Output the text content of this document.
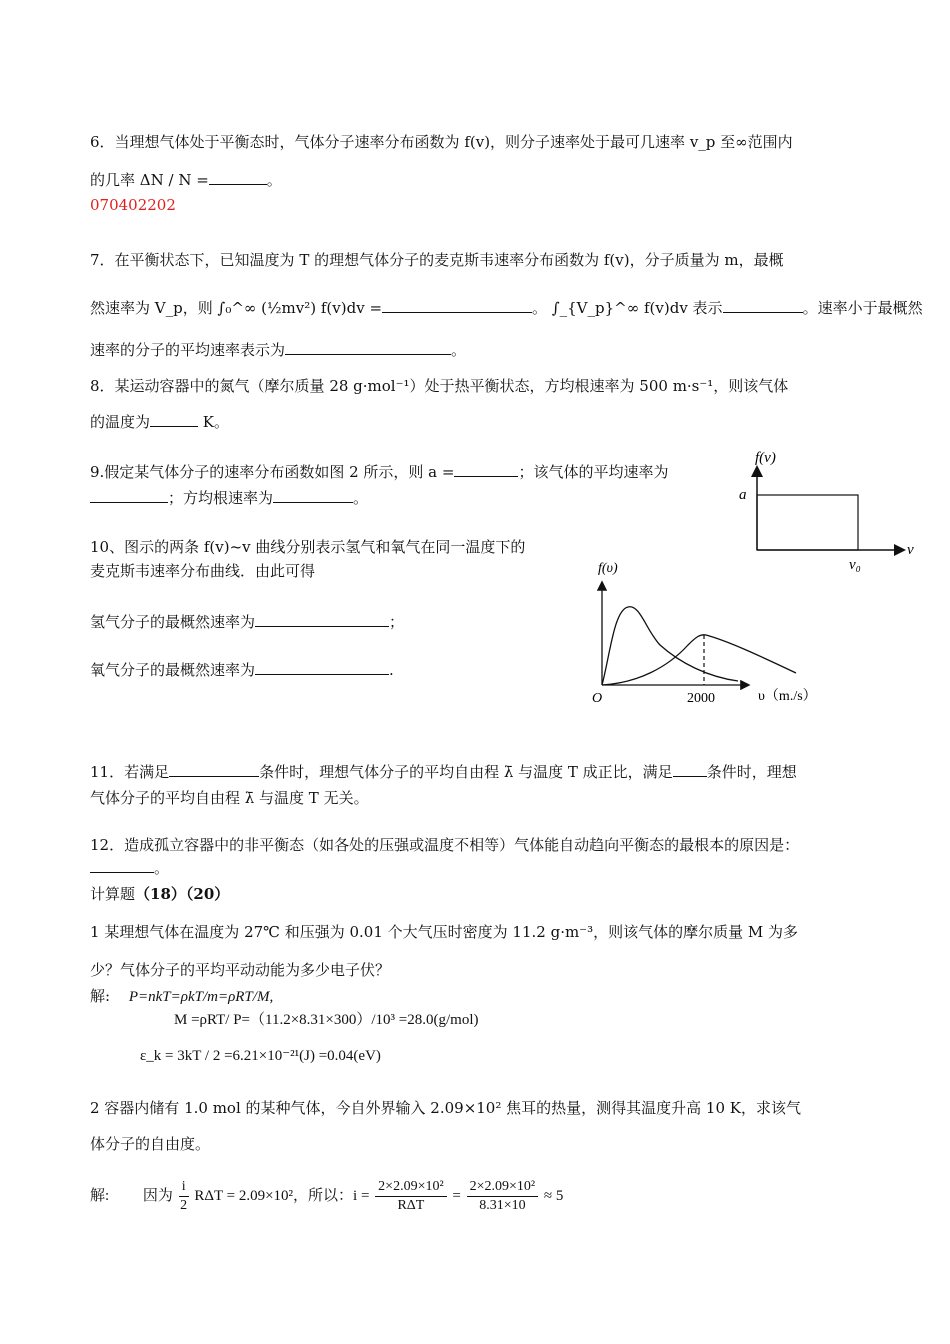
6．当理想气体处于平衡态时，气体分子速率分布函数为 f(v)，则分子速率处于最可几速率 v_p 至∞范围内
的几率 ΔN / N =	。
070402202
7．在平衡状态下，已知温度为 T 的理想气体分子的麦克斯韦速率分布函数为 f(v)，分子质量为 m，最概
然速率为 V_p，则 ∫₀^∞ (½mv²) f(v)dv =	。 ∫_{V_p}^∞ f(v)dv 表示	。速率小于最概然
速率的分子的平均速率表示为	。
8．某运动容器中的氮气（摩尔质量 28 g·mol⁻¹）处于热平衡状态，方均根速率为 500 m·s⁻¹，则该气体
的温度为	K。
9.假定某气体分子的速率分布函数如图 2 所示，则 a =	；该气体的平均速率为
；方均根速率为	。
f(v)
a
v
v₀
10、图示的两条 f(v)~v 曲线分别表示氢气和氧气在同一温度下的
麦克斯韦速率分布曲线．由此可得
氢气分子的最概然速率为	；
氧气分子的最概然速率为	.
f(υ)
O	2000	υ（m./s）
11．若满足	条件时，理想气体分子的平均自由程 λ̄ 与温度 T 成正比，满足 条件时，理想
气体分子的平均自由程 λ̄ 与温度 T 无关。
12．造成孤立容器中的非平衡态（如各处的压强或温度不相等）气体能自动趋向平衡态的最根本的原因是：
。
计算题（18）（20）
1 某理想气体在温度为 27℃ 和压强为 0.01 个大气压时密度为 11.2 g·m⁻³，则该气体的摩尔质量 M 为多
少？气体分子的平均平动动能为多少电子伏？
解: P=nkT=ρkT/m=ρRT/M,
M =ρRT/ P=（11.2×8.31×300）/10³ =28.0(g/mol)
ε_k = 3kT / 2 =6.21×10⁻²¹(J) =0.04(eV)
2 容器内储有 1.0 mol 的某种气体，今自外界输入 2.09×10² 焦耳的热量，测得其温度升高 10 K，求该气
体分子的自由度。
解: 因为 $\frac{i}{2}$ RΔT = 2.09×10²，所以：$i = \frac{\text{2×2.09×10²}}{\text{RΔT}} = \frac{\text{2×2.09×10²}}{8.31\times 10} \approx 5$
